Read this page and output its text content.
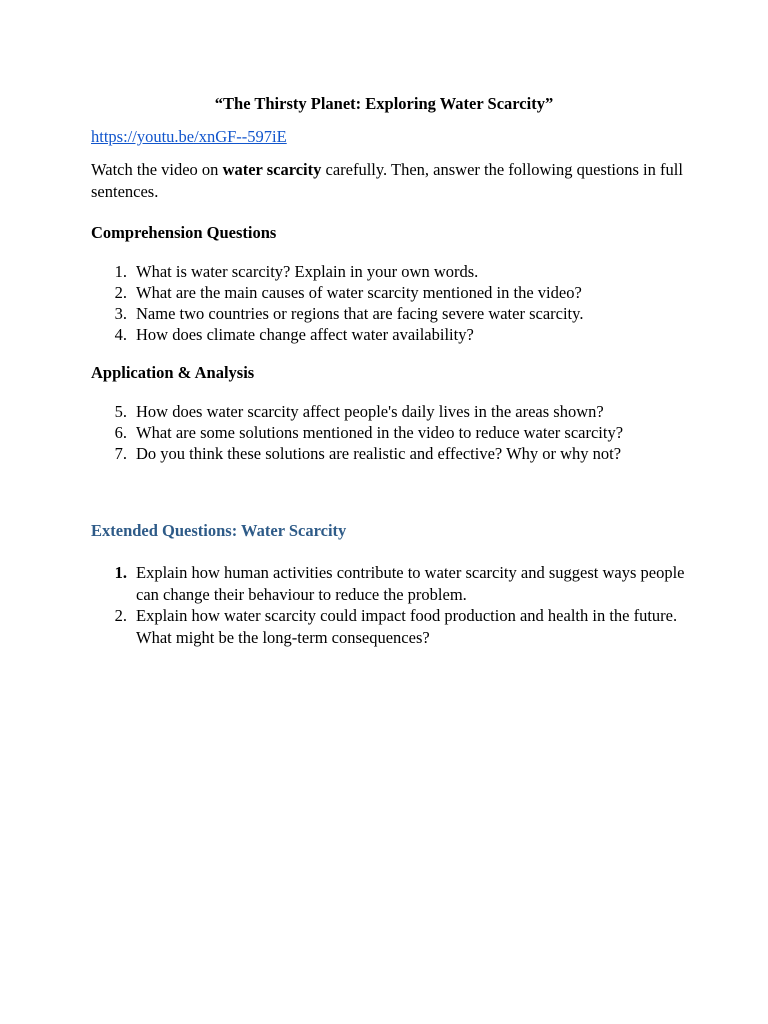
“The Thirsty Planet: Exploring Water Scarcity”
https://youtu.be/xnGF--597iE
Watch the video on water scarcity carefully. Then, answer the following questions in full sentences.
Comprehension Questions
1. What is water scarcity? Explain in your own words.
2. What are the main causes of water scarcity mentioned in the video?
3. Name two countries or regions that are facing severe water scarcity.
4. How does climate change affect water availability?
Application & Analysis
5. How does water scarcity affect people's daily lives in the areas shown?
6. What are some solutions mentioned in the video to reduce water scarcity?
7. Do you think these solutions are realistic and effective? Why or why not?
Extended Questions: Water Scarcity
1. Explain how human activities contribute to water scarcity and suggest ways people can change their behaviour to reduce the problem.
2. Explain how water scarcity could impact food production and health in the future. What might be the long-term consequences?
